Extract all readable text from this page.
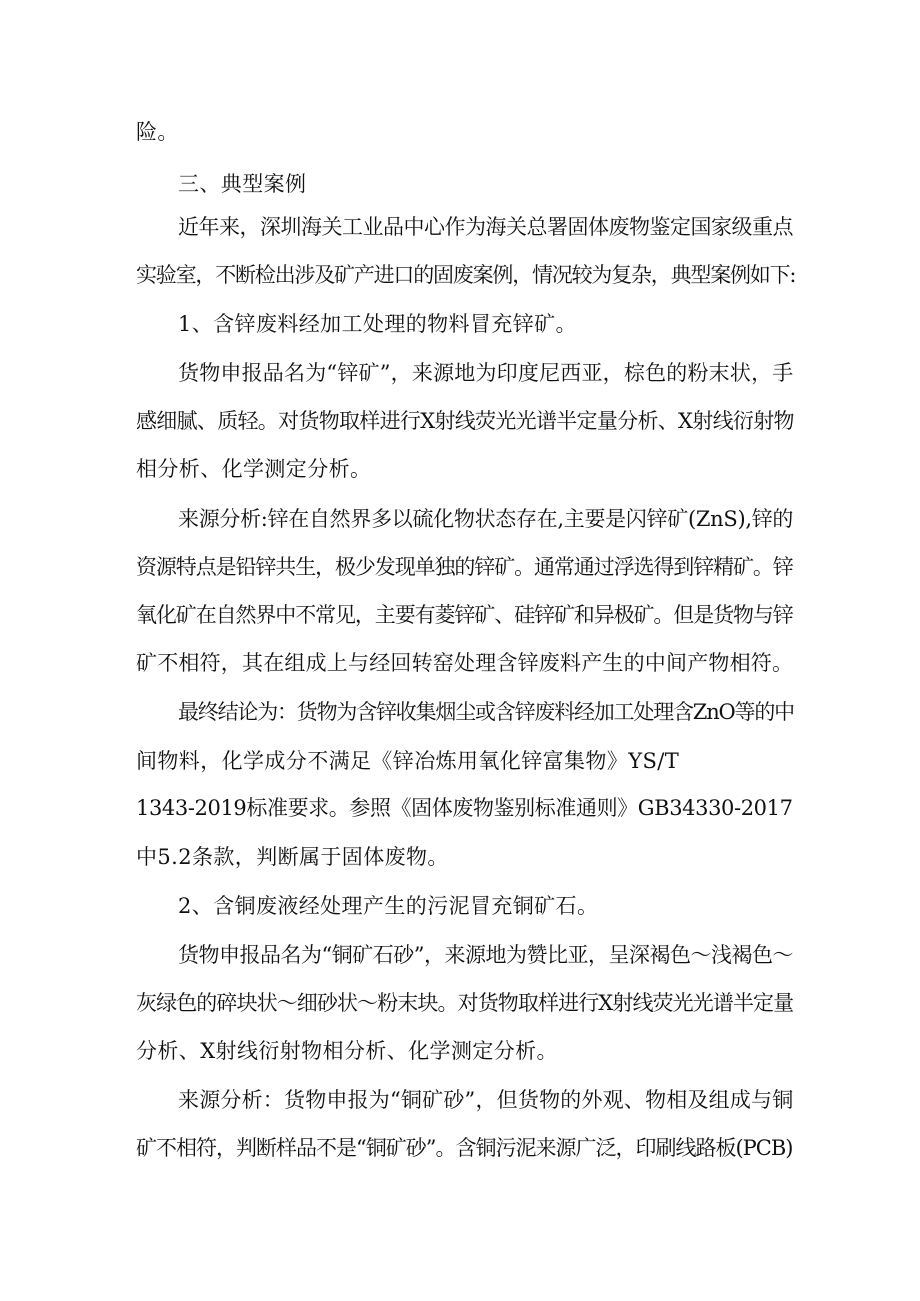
险。
三、典型案例
近年来，深圳海关工业品中心作为海关总署固体废物鉴定国家级重点
实验室，不断检出涉及矿产进口的固废案例，情况较为复杂，典型案例如下:
1、含锌废料经加工处理的物料冒充锌矿。
货物申报品名为“锌矿”，来源地为印度尼西亚，棕色的粉末状，手
感细腻、质轻。对货物取样进行X射线荧光光谱半定量分析、X射线衍射物
相分析、化学测定分析。
来源分析:锌在自然界多以硫化物状态存在,主要是闪锌矿(ZnS),锌的
资源特点是铅锌共生，极少发现单独的锌矿。通常通过浮选得到锌精矿。锌
氧化矿在自然界中不常见，主要有菱锌矿、硅锌矿和异极矿。但是货物与锌
矿不相符，其在组成上与经回转窑处理含锌废料产生的中间产物相符。
最终结论为：货物为含锌收集烟尘或含锌废料经加工处理含ZnO等的中
间物料，化学成分不满足《锌冶炼用氧化锌富集物》YS/T
1343-2019标准要求。参照《固体废物鉴别标准通则》GB34330-2017
中5.2条款，判断属于固体废物。
2、含铜废液经处理产生的污泥冒充铜矿石。
货物申报品名为“铜矿石砂”，来源地为赞比亚，呈深褐色～浅褐色～
灰绿色的碎块状～细砂状～粉末块。对货物取样进行X射线荧光光谱半定量
分析、X射线衍射物相分析、化学测定分析。
来源分析：货物申报为“铜矿砂”，但货物的外观、物相及组成与铜
矿不相符，判断样品不是“铜矿砂”。含铜污泥来源广泛，印刷线路板(PCB)
